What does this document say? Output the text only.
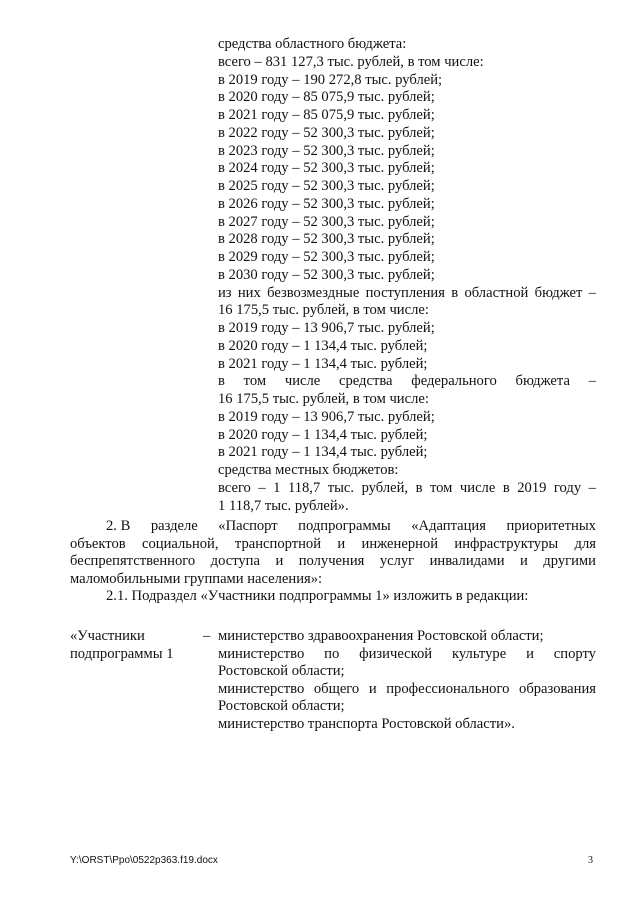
средства областного бюджета:
всего – 831 127,3 тыс. рублей, в том числе:
в 2019 году – 190 272,8 тыс. рублей;
в 2020 году – 85 075,9 тыс. рублей;
в 2021 году – 85 075,9 тыс. рублей;
в 2022 году – 52 300,3 тыс. рублей;
в 2023 году – 52 300,3 тыс. рублей;
в 2024 году – 52 300,3 тыс. рублей;
в 2025 году – 52 300,3 тыс. рублей;
в 2026 году – 52 300,3 тыс. рублей;
в 2027 году – 52 300,3 тыс. рублей;
в 2028 году – 52 300,3 тыс. рублей;
в 2029 году – 52 300,3 тыс. рублей;
в 2030 году – 52 300,3 тыс. рублей;
из них безвозмездные поступления в областной бюджет –
16 175,5 тыс. рублей, в том числе:
в 2019 году – 13 906,7 тыс. рублей;
в 2020 году – 1 134,4 тыс. рублей;
в 2021 году – 1 134,4 тыс. рублей;
в том числе средства федерального бюджета –
16 175,5 тыс. рублей, в том числе:
в 2019 году – 13 906,7 тыс. рублей;
в 2020 году – 1 134,4 тыс. рублей;
в 2021 году – 1 134,4 тыс. рублей;
средства местных бюджетов:
всего – 1 118,7 тыс. рублей, в том числе в 2019 году –
1 118,7 тыс. рублей».
2. В разделе «Паспорт подпрограммы «Адаптация приоритетных
объектов социальной, транспортной и инженерной инфраструктуры для
беспрепятственного доступа и получения услуг инвалидами и другими
маломобильными группами населения»:
2.1. Подраздел «Участники подпрограммы 1» изложить в редакции:
«Участники
подпрограммы 1
– министерство здравоохранения Ростовской области;
министерство по физической культуре и спорту
Ростовской области;
министерство общего и профессионального образования
Ростовской области;
министерство транспорта Ростовской области».
Y:\ORST\Ppo\0522p363.f19.docx	3
